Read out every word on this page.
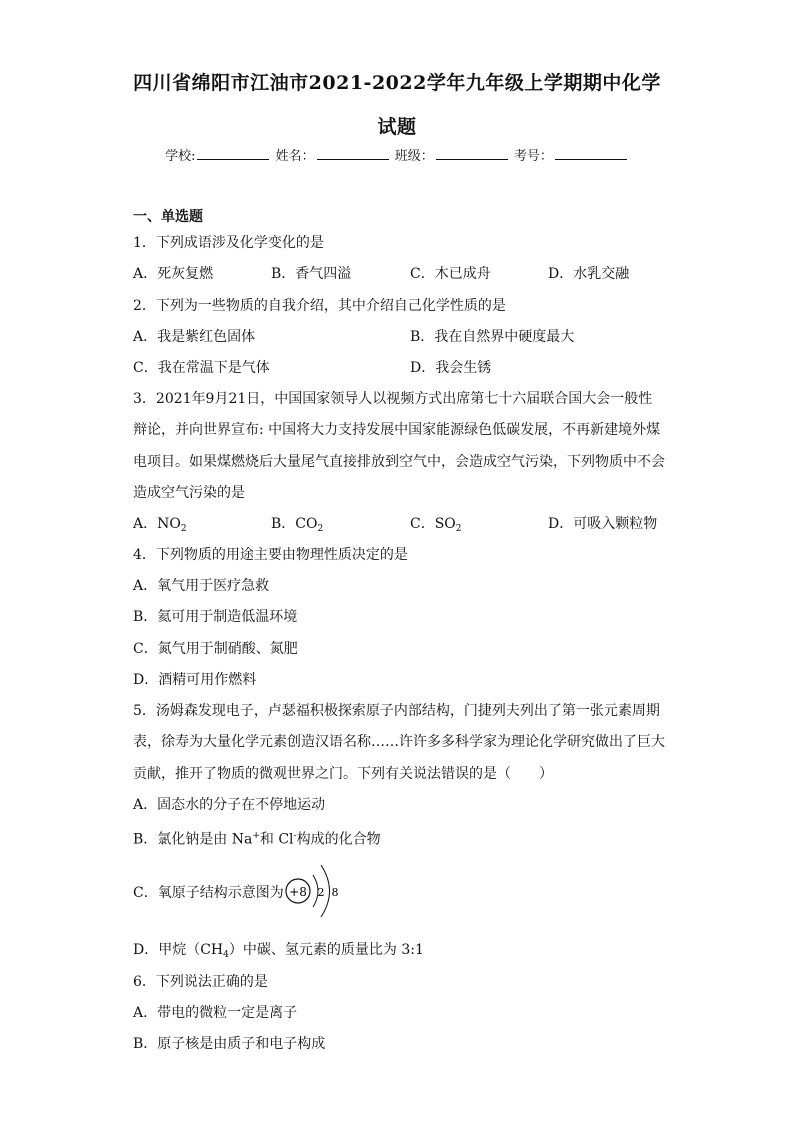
四川省绵阳市江油市2021-2022学年九年级上学期期中化学
试题
学校:	姓名：	班级：	考号：
一、单选题
1．下列成语涉及化学变化的是
A．死灰复燃	B．香气四溢	C．木已成舟	D．水乳交融
2．下列为一些物质的自我介绍，其中介绍自己化学性质的是
A．我是紫红色固体	B．我在自然界中硬度最大
C．我在常温下是气体	D．我会生锈
3．2021年9月21日，中国国家领导人以视频方式出席第七十六届联合国大会一般性
辩论，并向世界宣布: 中国将大力支持发展中国家能源绿色低碳发展，不再新建境外煤
电项目。如果煤燃烧后大量尾气直接排放到空气中，会造成空气污染，下列物质中不会
造成空气污染的是
A．$NO_2$	B．$CO_2$	C．$SO_2$	D．可吸入颗粒物
4．下列物质的用途主要由物理性质决定的是
A．氧气用于医疗急救
B．氦可用于制造低温环境
C．氮气用于制硝酸、氮肥
D．酒精可用作燃料
5．汤姆森发现电子，卢瑟福积极探索原子内部结构，门捷列夫列出了第一张元素周期
表，徐寿为大量化学元素创造汉语名称……许许多多科学家为理论化学研究做出了巨大
贡献，推开了物质的微观世界之门。下列有关说法错误的是（　　）
A．固态水的分子在不停地运动
B．氯化钠是由 Na+和 Cl-构成的化合物
C．氧原子结构示意图为 +8 2 8
D．甲烷$(CH_4)$中碳、氢元素的质量比为 3:1
6．下列说法正确的是
A．带电的微粒一定是离子
B．原子核是由质子和电子构成
